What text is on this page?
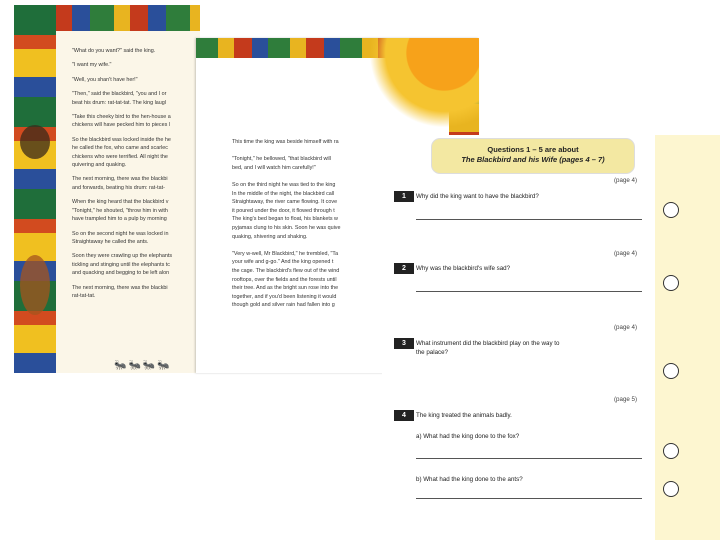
"What do you want?" said the king.

"I want my wife."

"Well, you shan't have her!"

"Then," said the blackbird, "you and I or

beat his drum: rat-tat-tat. The king laugl

"Take this cheeky bird to the hen-house a

chickens will have pecked him to pieces l

So the blackbird was locked inside the he

he called the fox, who came and scarlec

chickens who were terrified. All night the

quivering and quaking.

The next morning, there was the blackbi

and forwards, beating his drum: rat-tat-

When the king heard that the blackbird v

"Tonight," he shouted, "throw him in with

have trampled him to a pulp by morning

So on the second night he was locked in

Straightaway he called the ants.

Soon they were crawling up the elephants

tickling and stinging until the elephants tc

and quacking and begging to be left alon

The next morning, there was the blackbi

rat-tat-tat.

🐜🐜🐜🐜

This time the king was beside himself with ra

"Tonight," he bellowed, "that blackbird will

bed, and I will watch him carefully!"

So on the third night he was tied to the king

In the middle of the night, the blackbird call

Straightaway, the river came flowing. It cove

it poured under the door, it flowed through t

The king's bed began to float, his blankets w

pyjamas clung to his skin. Soon he was quive

quaking, shivering and shaking.

"Very w-well, Mr Blackbird," he trembled, "Ta

your wife and g-go." And the king opened t

the cage. The blackbird's flew out of the wind

rooftops, over the fields and the forests until

their tree. And as the bright sun rose into the

together, and if you'd been listening it would

though gold and silver rain had fallen into g

Questions 1 – 5 are about

The Blackbird and his Wife (pages 4 – 7)

(page 4)
1	Why did the king want to have the blackbird?
(page 4)
2	Why was the blackbird's wife sad?
(page 4)
3	What instrument did the blackbird play on the way to
the palace?
(page 5)
4	The king treated the animals badly.
a) What had the king done to the fox?
b) What had the king done to the ants?
